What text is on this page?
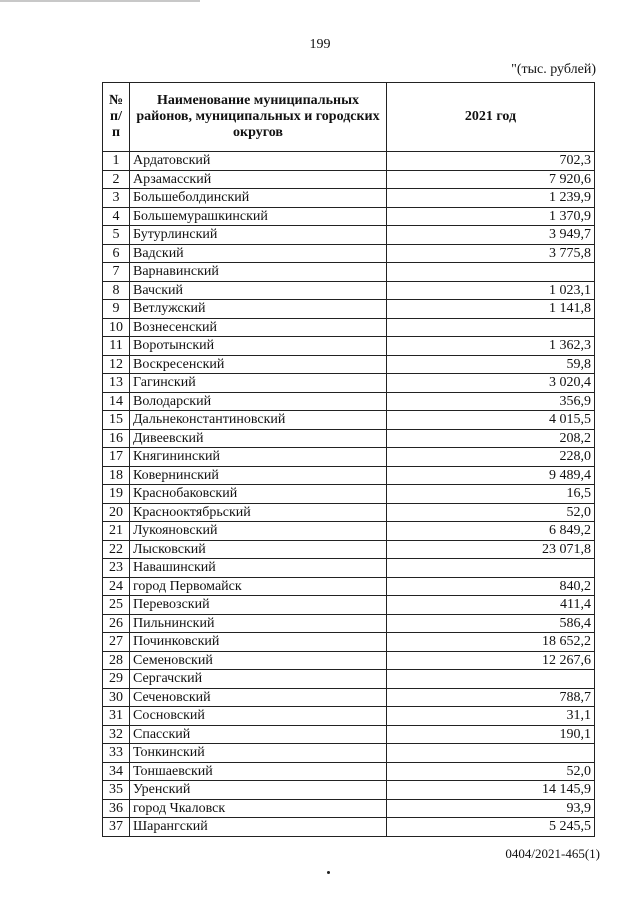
199
"(тыс. рублей)
№ п/п	Наименование муниципальных районов, муниципальных и городских округов	2021 год
1	Ардатовский	702,3
2	Арзамасский	7 920,6
3	Большеболдинский	1 239,9
4	Большемурашкинский	1 370,9
5	Бутурлинский	3 949,7
6	Вадский	3 775,8
7	Варнавинский	
8	Вачский	1 023,1
9	Ветлужский	1 141,8
10	Вознесенский	
11	Воротынский	1 362,3
12	Воскресенский	59,8
13	Гагинский	3 020,4
14	Володарский	356,9
15	Дальнеконстантиновский	4 015,5
16	Дивеевский	208,2
17	Княгининский	228,0
18	Ковернинский	9 489,4
19	Краснобаковский	16,5
20	Краснооктябрьский	52,0
21	Лукояновский	6 849,2
22	Лысковский	23 071,8
23	Навашинский	
24	город Первомайск	840,2
25	Перевозский	411,4
26	Пильнинский	586,4
27	Починковский	18 652,2
28	Семеновский	12 267,6
29	Сергачский	
30	Сеченовский	788,7
31	Сосновский	31,1
32	Спасский	190,1
33	Тонкинский	
34	Тоншаевский	52,0
35	Уренский	14 145,9
36	город Чкаловск	93,9
37	Шарангский	5 245,5
0404/2021-465(1)
